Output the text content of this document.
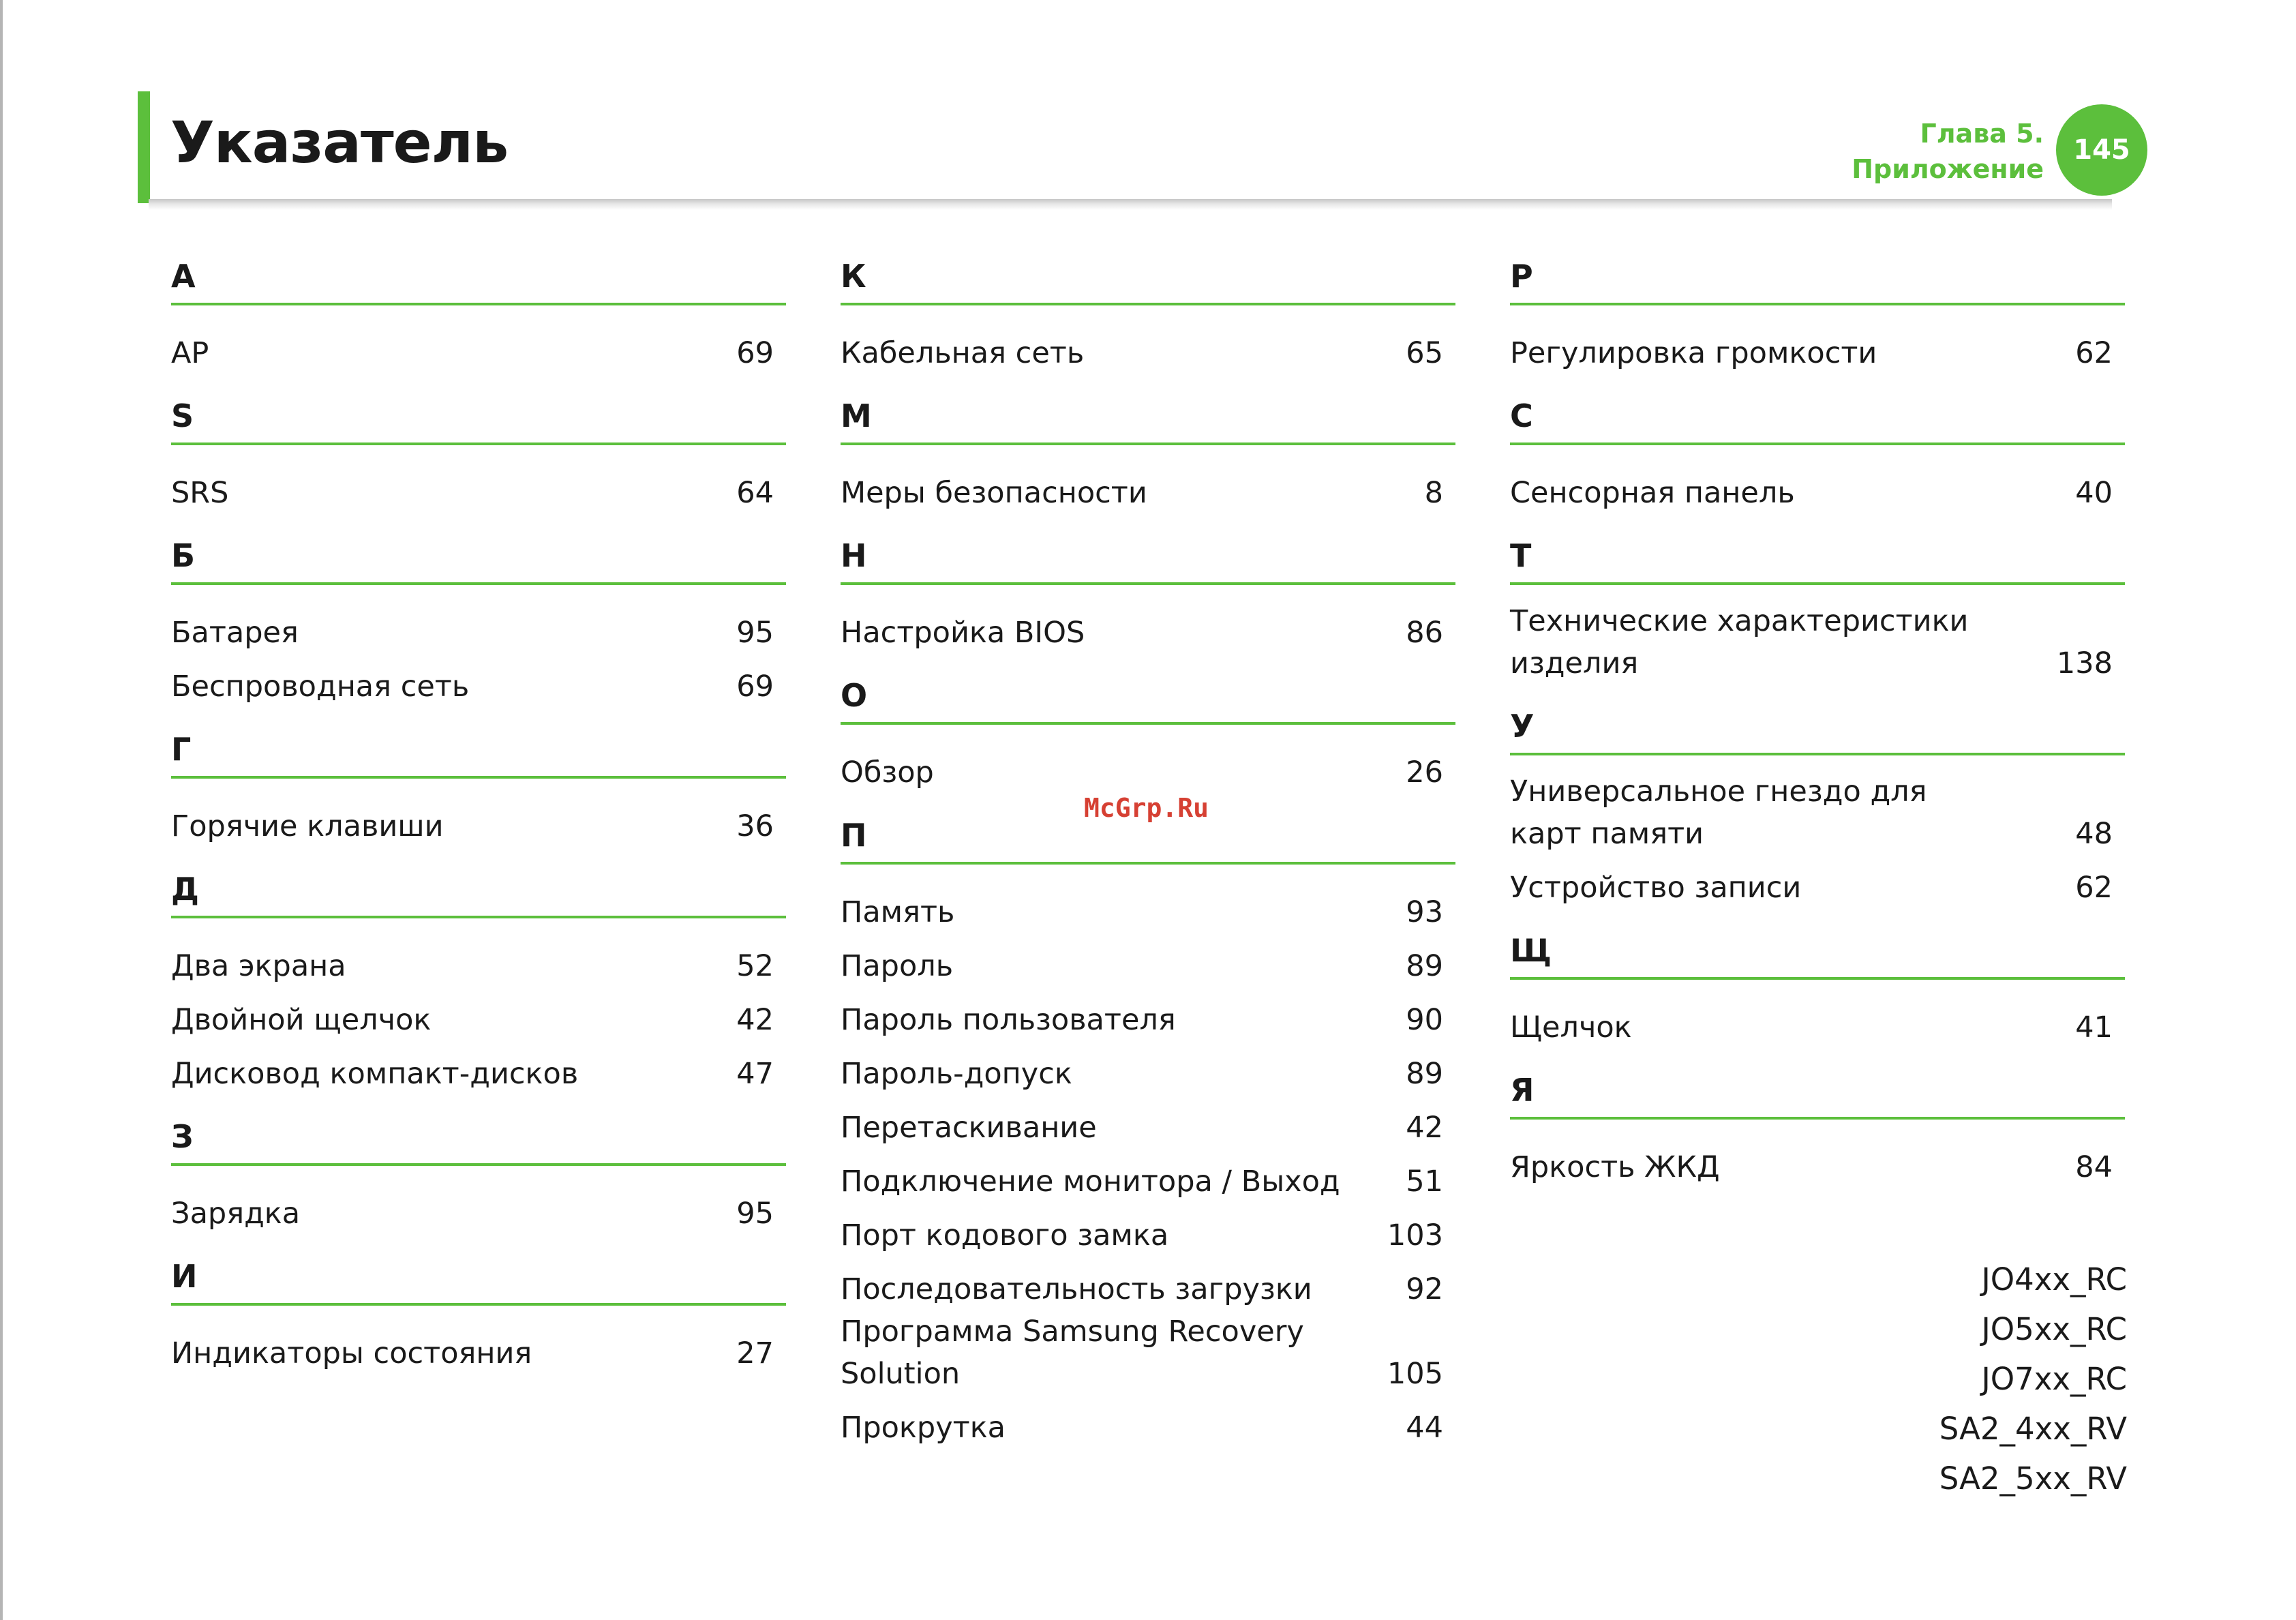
Указатель	Глава 5.
Приложение
145
A
AP	69
S
SRS	64
Б
Батарея	95
Беспроводная сеть	69
Г
Горячие клавиши	36
Д
Два экрана	52
Двойной щелчок	42
Дисковод компакт-дисков	47
З
Зарядка	95
И
Индикаторы состояния	27
К
Кабельная сеть	65
М
Меры безопасности	8
Н
Настройка BIOS	86
О
Обзор	26
П
Память	93
Пароль	89
Пароль пользователя	90
Пароль-допуск	89
Перетаскивание	42
Подключение монитора / Выход 51
Порт кодового замка	103
Последовательность загрузки	92
Программа Samsung Recovery Solution	105
Прокрутка	44
Р
Регулировка громкости	62
С
Сенсорная панель	40
Т
Технические характеристики изделия	138
У
Универсальное гнездо для карт памяти	48
Устройство записи	62
Щ
Щелчок	41
Я
Яркость ЖКД	84
McGrp.Ru
JO4xx_RC
JO5xx_RC
JO7xx_RC
SA2_4xx_RV
SA2_5xx_RV
